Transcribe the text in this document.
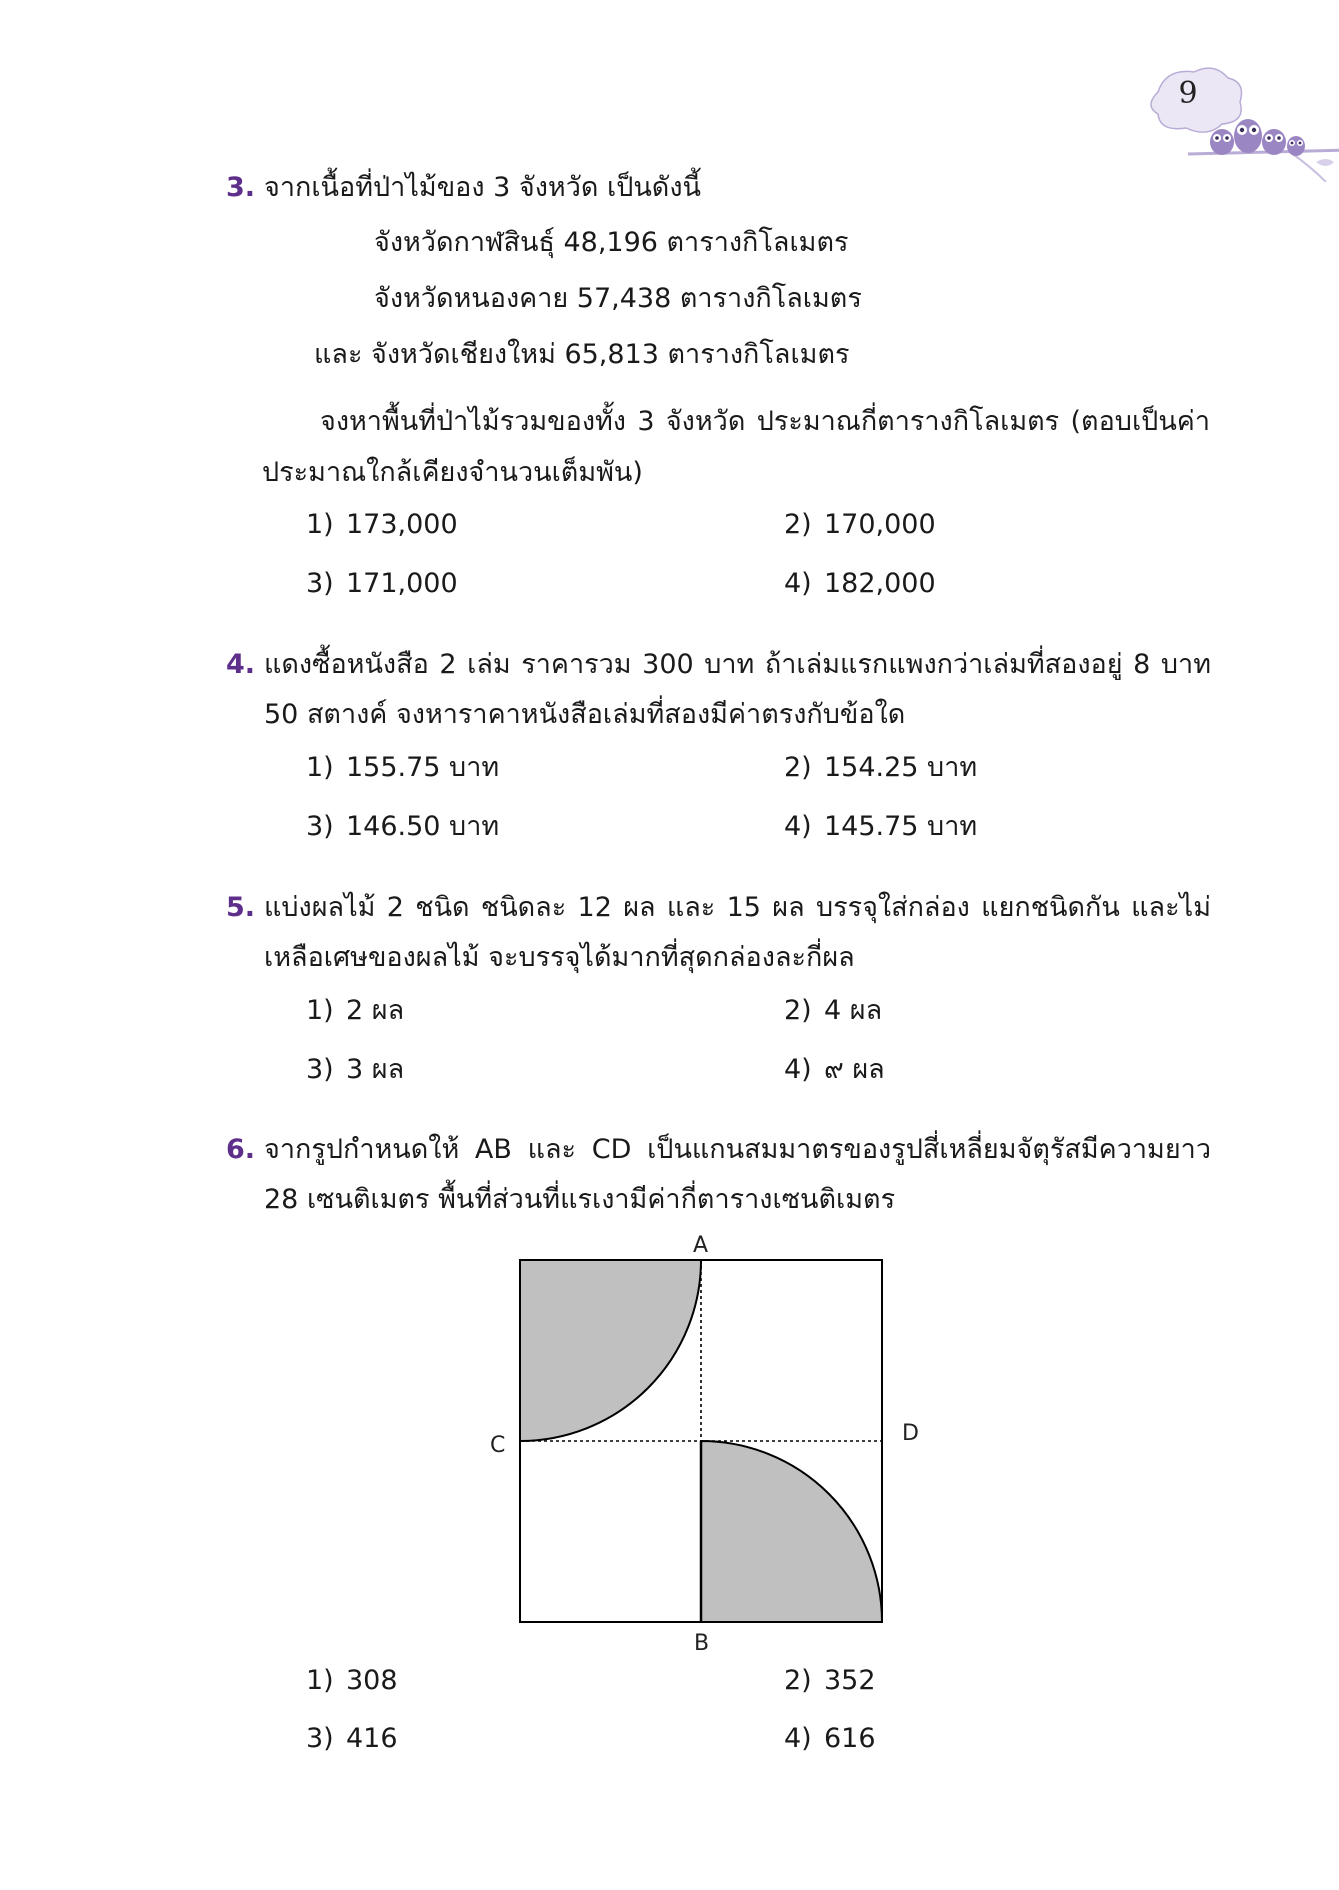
9
3. จากเนื้อที่ป่าไม้ของ 3 จังหวัด เป็นดังนี้
จังหวัดกาฬสินธุ์ 48,196 ตารางกิโลเมตร
จังหวัดหนองคาย 57,438 ตารางกิโลเมตร
และ จังหวัดเชียงใหม่ 65,813 ตารางกิโลเมตร
จงหาพื้นที่ป่าไม้รวมของทั้ง 3 จังหวัด ประมาณกี่ตารางกิโลเมตร (ตอบเป็นค่า
ประมาณใกล้เคียงจำนวนเต็มพัน)
1) 173,000	2) 170,000
3) 171,000	4) 182,000
4. แดงซื้อหนังสือ 2 เล่ม ราคารวม 300 บาท ถ้าเล่มแรกแพงกว่าเล่มที่สองอยู่ 8 บาท 50 สตางค์ จงหาราคาหนังสือเล่มที่สองมีค่าตรงกับข้อใด
1) 155.75 บาท	2) 154.25 บาท
3) 146.50 บาท	4) 145.75 บาท
5. แบ่งผลไม้ 2 ชนิด ชนิดละ 12 ผล และ 15 ผล บรรจุใส่กล่อง แยกชนิดกัน และไม่เหลือเศษของผลไม้ จะบรรจุได้มากที่สุดกล่องละกี่ผล
1) 2 ผล	2) 4 ผล
3) 3 ผล	4) ๙ ผล
6. จากรูปกำหนดให้ AB และ CD เป็นแกนสมมาตรของรูปสี่เหลี่ยมจัตุรัสมีความยาว 28 เซนติเมตร พื้นที่ส่วนที่แรเงามีค่ากี่ตารางเซนติเมตร
A
B
C	D
1) 308	2) 352
3) 416	4) 616
